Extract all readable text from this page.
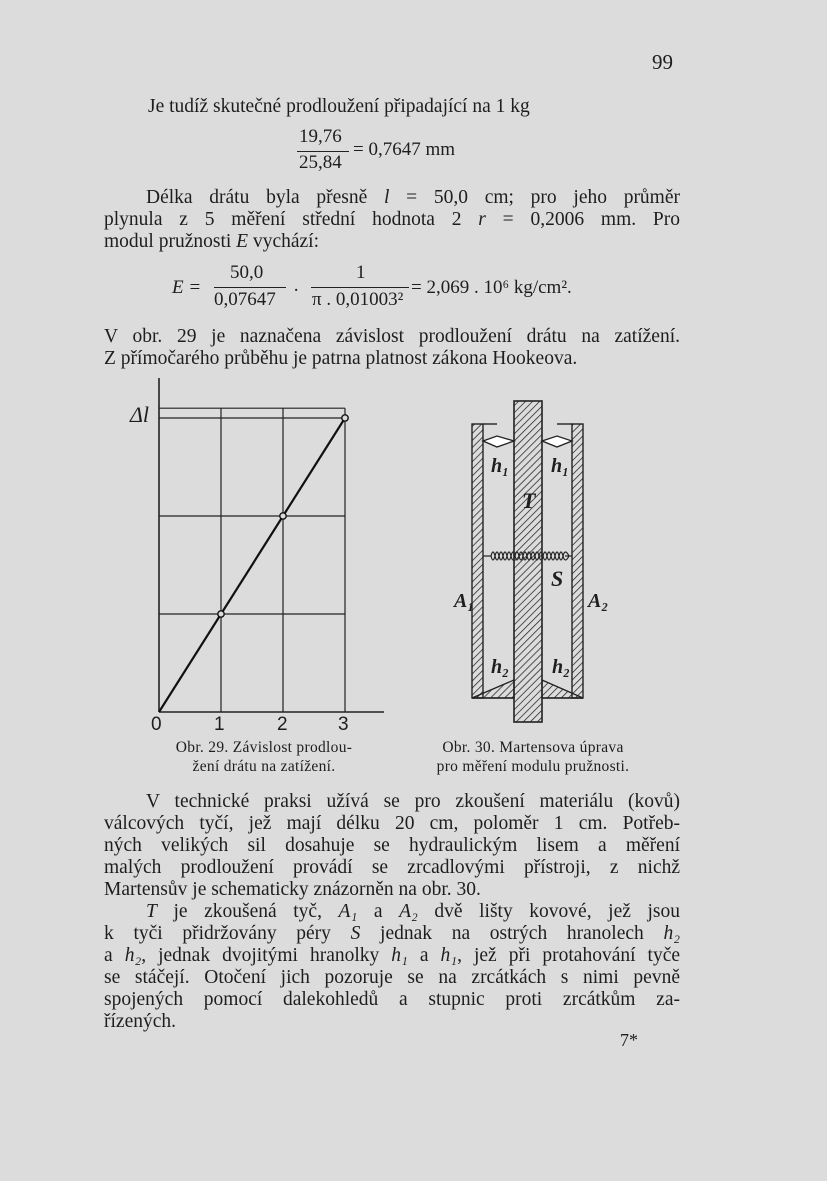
99
Je tudíž skutečné prodloužení připadající na 1 kg
19,76
25,84
= 0,7647 mm
Délka drátu byla přesně l = 50,0 cm; pro jeho průměr
plynula z 5 měření střední hodnota 2 r = 0,2006 mm. Pro
modul pružnosti E vychází:
E =
50,0
0,07647 ·
1
π . 0,01003²
= 2,069 . 10⁶ kg/cm².
V obr. 29 je naznačena závislost prodloužení drátu na zatížení.
Z přímočarého průběhu je patrna platnost zákona Hookeova.
Δl
0	1	2	3
Obr. 29. Závislost prodlou-
žení drátu na zatížení.
h₁ h₁
T
S
A₁	A₂
h₂ h₂
Obr. 30. Martensova úprava
pro měření modulu pružnosti.
V technické praksi užívá se pro zkoušení materiálu (kovů)
válcových tyčí, jež mají délku 20 cm, poloměr 1 cm. Potřeb-
ných velikých sil dosahuje se hydraulickým lisem a měření
malých prodloužení provádí se zrcadlovými přístroji, z nichž
Martensův je schematicky znázorněn na obr. 30.
T je zkoušená tyč, A₁ a A₂ dvě lišty kovové, jež jsou
k tyči přidržovány péry S jednak na ostrých hranolech h₂
a h₂, jednak dvojitými hranolky h₁ a h₁, jež při protahování tyče
se stáčejí. Otočení jich pozoruje se na zrcátkách s nimi pevně
spojených pomocí dalekohledů a stupnic proti zrcátkům za-
řízených.
7*
